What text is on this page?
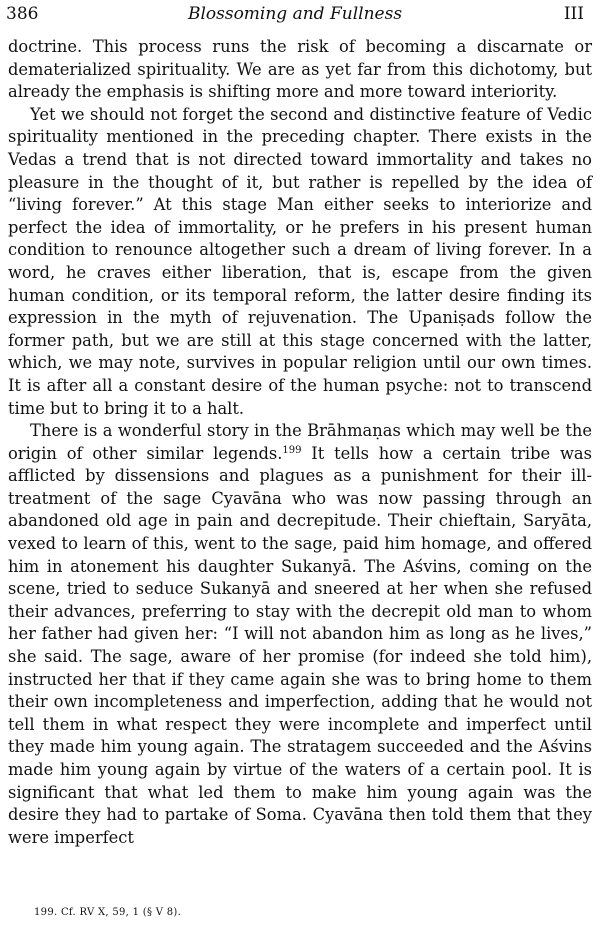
386	Blossoming and Fullness	III

doctrine. This process runs the risk of becoming a discarnate or dematerialized spirituality. We are as yet far from this dichotomy, but already the emphasis is shifting more and more toward interiority.

Yet we should not forget the second and distinctive feature of Vedic spirituality mentioned in the preceding chapter. There exists in the Vedas a trend that is not directed toward immortality and takes no pleasure in the thought of it, but rather is repelled by the idea of “living forever.” At this stage Man either seeks to interiorize and perfect the idea of immortality, or he prefers in his present human condition to renounce altogether such a dream of living forever. In a word, he craves either liberation, that is, escape from the given human condition, or its temporal reform, the latter desire finding its expression in the myth of rejuvenation. The Upaniṣads follow the former path, but we are still at this stage concerned with the latter, which, we may note, survives in popular religion until our own times. It is after all a constant desire of the human psyche: not to transcend time but to bring it to a halt.

There is a wonderful story in the Brāhmaṇas which may well be the origin of other similar legends.$^{199}$ It tells how a certain tribe was afflicted by dissensions and plagues as a punishment for their ill-treatment of the sage Cyavāna who was now passing through an abandoned old age in pain and decrepitude. Their chieftain, Saryāta, vexed to learn of this, went to the sage, paid him homage, and offered him in atonement his daughter Sukanyā. The Aśvins, coming on the scene, tried to seduce Sukanyā and sneered at her when she refused their advances, preferring to stay with the decrepit old man to whom her father had given her: “I will not abandon him as long as he lives,” she said. The sage, aware of her promise (for indeed she told him), instructed her that if they came again she was to bring home to them their own incompleteness and imperfection, adding that he would not tell them in what respect they were incomplete and imperfect until they made him young again. The stratagem succeeded and the Aśvins made him young again by virtue of the waters of a certain pool. It is significant that what led them to make him young again was the desire they had to partake of Soma. Cyavāna then told them that they were imperfect

199. Cf. RV X, 59, 1 (§ V 8).
